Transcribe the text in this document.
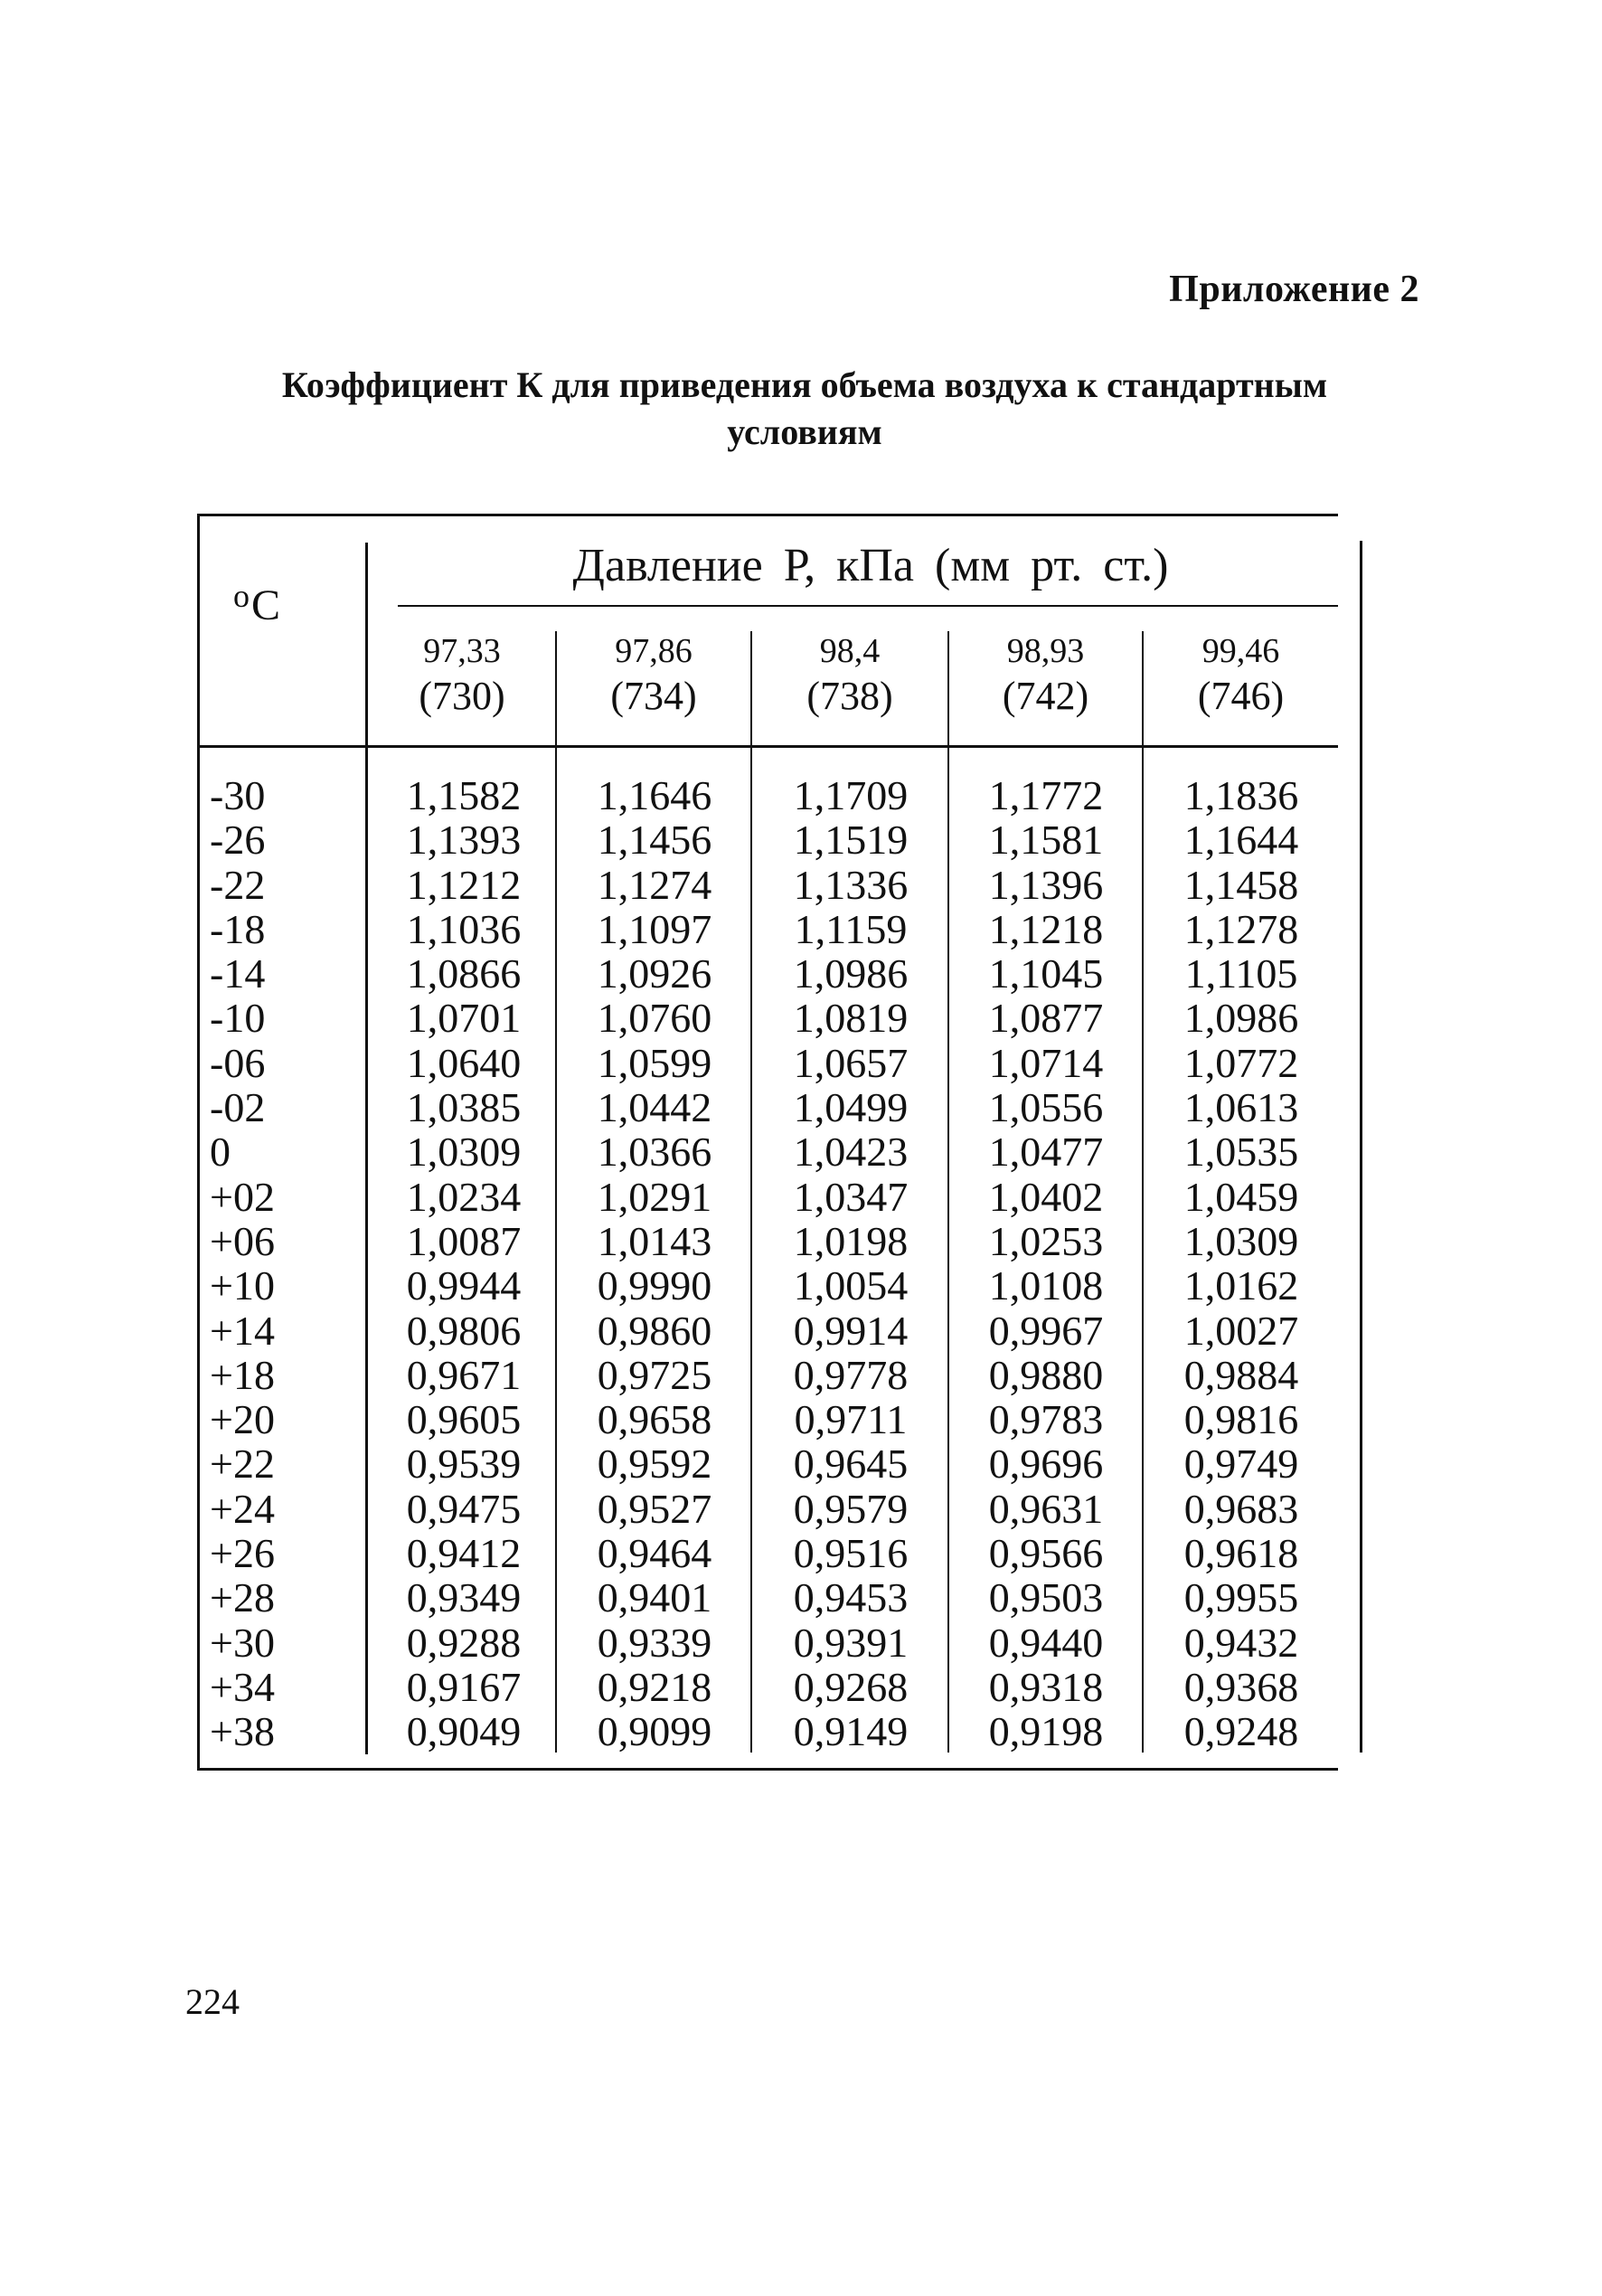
Приложение 2
Коэффициент К для приведения объема воздуха к стандартным
условиям
$^о$С
Давление Р, кПа (мм рт. ст.)
97,33
(730)
97,86
(734)
98,4
(738)
98,93
(742)
99,46
(746)
-30
-26
-22
-18
-14
-10
-06
-02
0
+02
+06
+10
+14
+18
+20
+22
+24
+26
+28
+30
+34
+38
1,1582
1,1393
1,1212
1,1036
1,0866
1,0701
1,0640
1,0385
1,0309
1,0234
1,0087
0,9944
0,9806
0,9671
0,9605
0,9539
0,9475
0,9412
0,9349
0,9288
0,9167
0,9049
1,1646
1,1456
1,1274
1,1097
1,0926
1,0760
1,0599
1,0442
1,0366
1,0291
1,0143
0,9990
0,9860
0,9725
0,9658
0,9592
0,9527
0,9464
0,9401
0,9339
0,9218
0,9099
1,1709
1,1519
1,1336
1,1159
1,0986
1,0819
1,0657
1,0499
1,0423
1,0347
1,0198
1,0054
0,9914
0,9778
0,9711
0,9645
0,9579
0,9516
0,9453
0,9391
0,9268
0,9149
1,1772
1,1581
1,1396
1,1218
1,1045
1,0877
1,0714
1,0556
1,0477
1,0402
1,0253
1,0108
0,9967
0,9880
0,9783
0,9696
0,9631
0,9566
0,9503
0,9440
0,9318
0,9198
1,1836
1,1644
1,1458
1,1278
1,1105
1,0986
1,0772
1,0613
1,0535
1,0459
1,0309
1,0162
1,0027
0,9884
0,9816
0,9749
0,9683
0,9618
0,9955
0,9432
0,9368
0,9248
224
